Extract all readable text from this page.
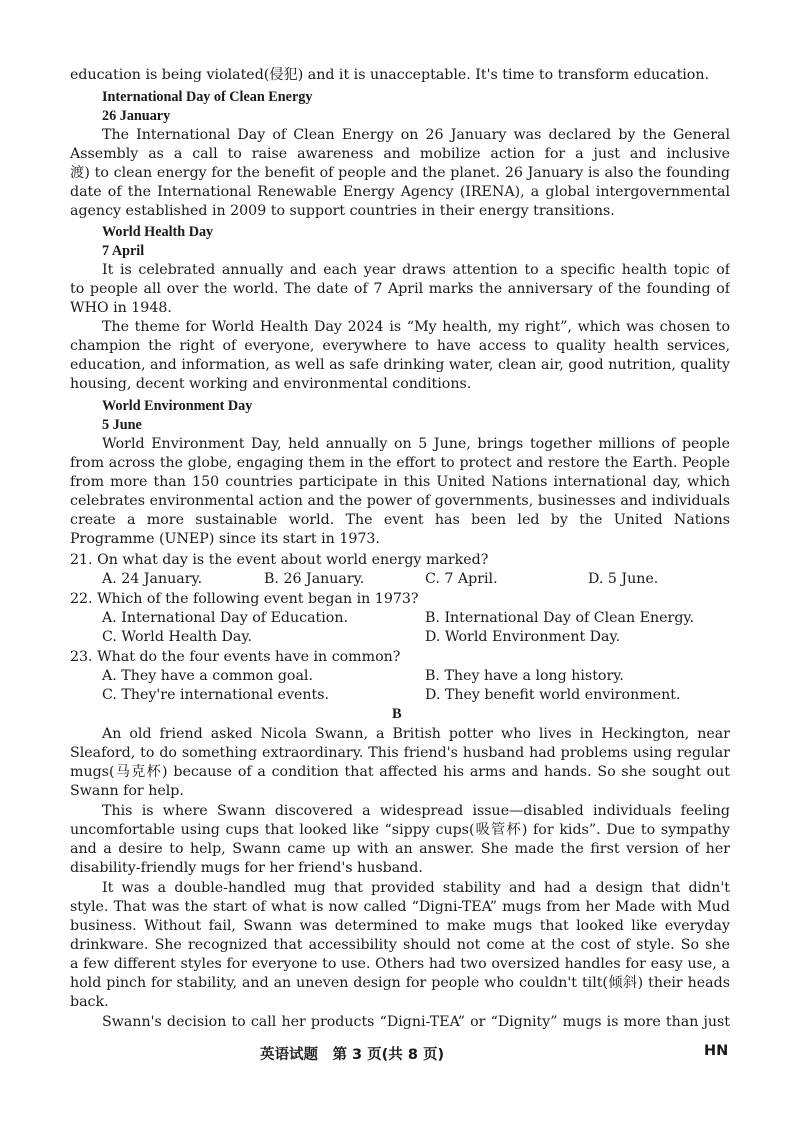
education is being violated(侵犯) and it is unacceptable. It's time to transform education.
International Day of Clean Energy
26 January
The International Day of Clean Energy on 26 January was declared by the General
Assembly as a call to raise awareness and mobilize action for a just and inclusive
渡) to clean energy for the benefit of people and the planet. 26 January is also the founding
date of the International Renewable Energy Agency (IRENA), a global intergovernmental
agency established in 2009 to support countries in their energy transitions.
World Health Day
7 April
It is celebrated annually and each year draws attention to a specific health topic of
to people all over the world. The date of 7 April marks the anniversary of the founding of
WHO in 1948.
The theme for World Health Day 2024 is “My health, my right”, which was chosen to
champion the right of everyone, everywhere to have access to quality health services,
education, and information, as well as safe drinking water, clean air, good nutrition, quality
housing, decent working and environmental conditions.
World Environment Day
5 June
World Environment Day, held annually on 5 June, brings together millions of people
from across the globe, engaging them in the effort to protect and restore the Earth. People
from more than 150 countries participate in this United Nations international day, which
celebrates environmental action and the power of governments, businesses and individuals
create a more sustainable world. The event has been led by the United Nations
Programme (UNEP) since its start in 1973.
21. On what day is the event about world energy marked?
A. 24 January.	B. 26 January.	C. 7 April.	D. 5 June.
22. Which of the following event began in 1973?
A. International Day of Education.	B. International Day of Clean Energy.
C. World Health Day.	D. World Environment Day.
23. What do the four events have in common?
A. They have a common goal.	B. They have a long history.
C. They're international events.	D. They benefit world environment.
B
An old friend asked Nicola Swann, a British potter who lives in Heckington, near
Sleaford, to do something extraordinary. This friend's husband had problems using regular
mugs(马克杯) because of a condition that affected his arms and hands. So she sought out
Swann for help.
This is where Swann discovered a widespread issue—disabled individuals feeling
uncomfortable using cups that looked like “sippy cups(吸管杯) for kids”. Due to sympathy
and a desire to help, Swann came up with an answer. She made the first version of her
disability-friendly mugs for her friend's husband.
It was a double-handled mug that provided stability and had a design that didn't
style. That was the start of what is now called “Digni-TEA” mugs from her Made with Mud
business. Without fail, Swann was determined to make mugs that looked like everyday
drinkware. She recognized that accessibility should not come at the cost of style. So she
a few different styles for everyone to use. Others had two oversized handles for easy use, a
hold pinch for stability, and an uneven design for people who couldn't tilt(倾斜) their heads
back.
Swann's decision to call her products “Digni-TEA” or “Dignity” mugs is more than just
英语试题　第 3 页(共 8 页)	HN
